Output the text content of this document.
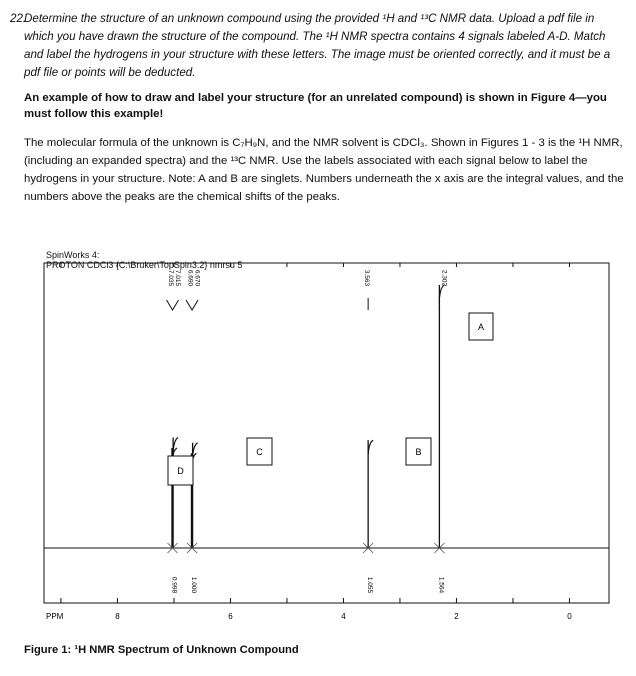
22.
Determine the structure of an unknown compound using the provided ¹H and ¹³C NMR data. Upload a pdf file in which you have drawn the structure of the compound. The ¹H NMR spectra contains 4 signals labeled A-D. Match and label the hydrogens in your structure with these letters. The image must be oriented correctly, and it must be a pdf file or points will be deducted.
An example of how to draw and label your structure (for an unrelated compound) is shown in Figure 4—you must follow this example!
The molecular formula of the unknown is C₇H₉N, and the NMR solvent is CDCl₃. Shown in Figures 1 - 3 is the ¹H NMR, (including an expanded spectra) and the ¹³C NMR. Use the labels associated with each signal below to label the hydrogens in your structure. Note: A and B are singlets. Numbers underneath the x axis are the integral values, and the numbers above the peaks are the chemical shifts of the peaks.
SpinWorks 4:
PROTON CDCl3 {C:\Bruker\TopSpin3.2} nmrsu 5
8	6	4	2	0
7.035 7.015 6.690 6.670	3.563	2.302
0.998 1.000	1.055	1.564
A
B
C
D
PPM
Figure 1: ¹H NMR Spectrum of Unknown Compound
